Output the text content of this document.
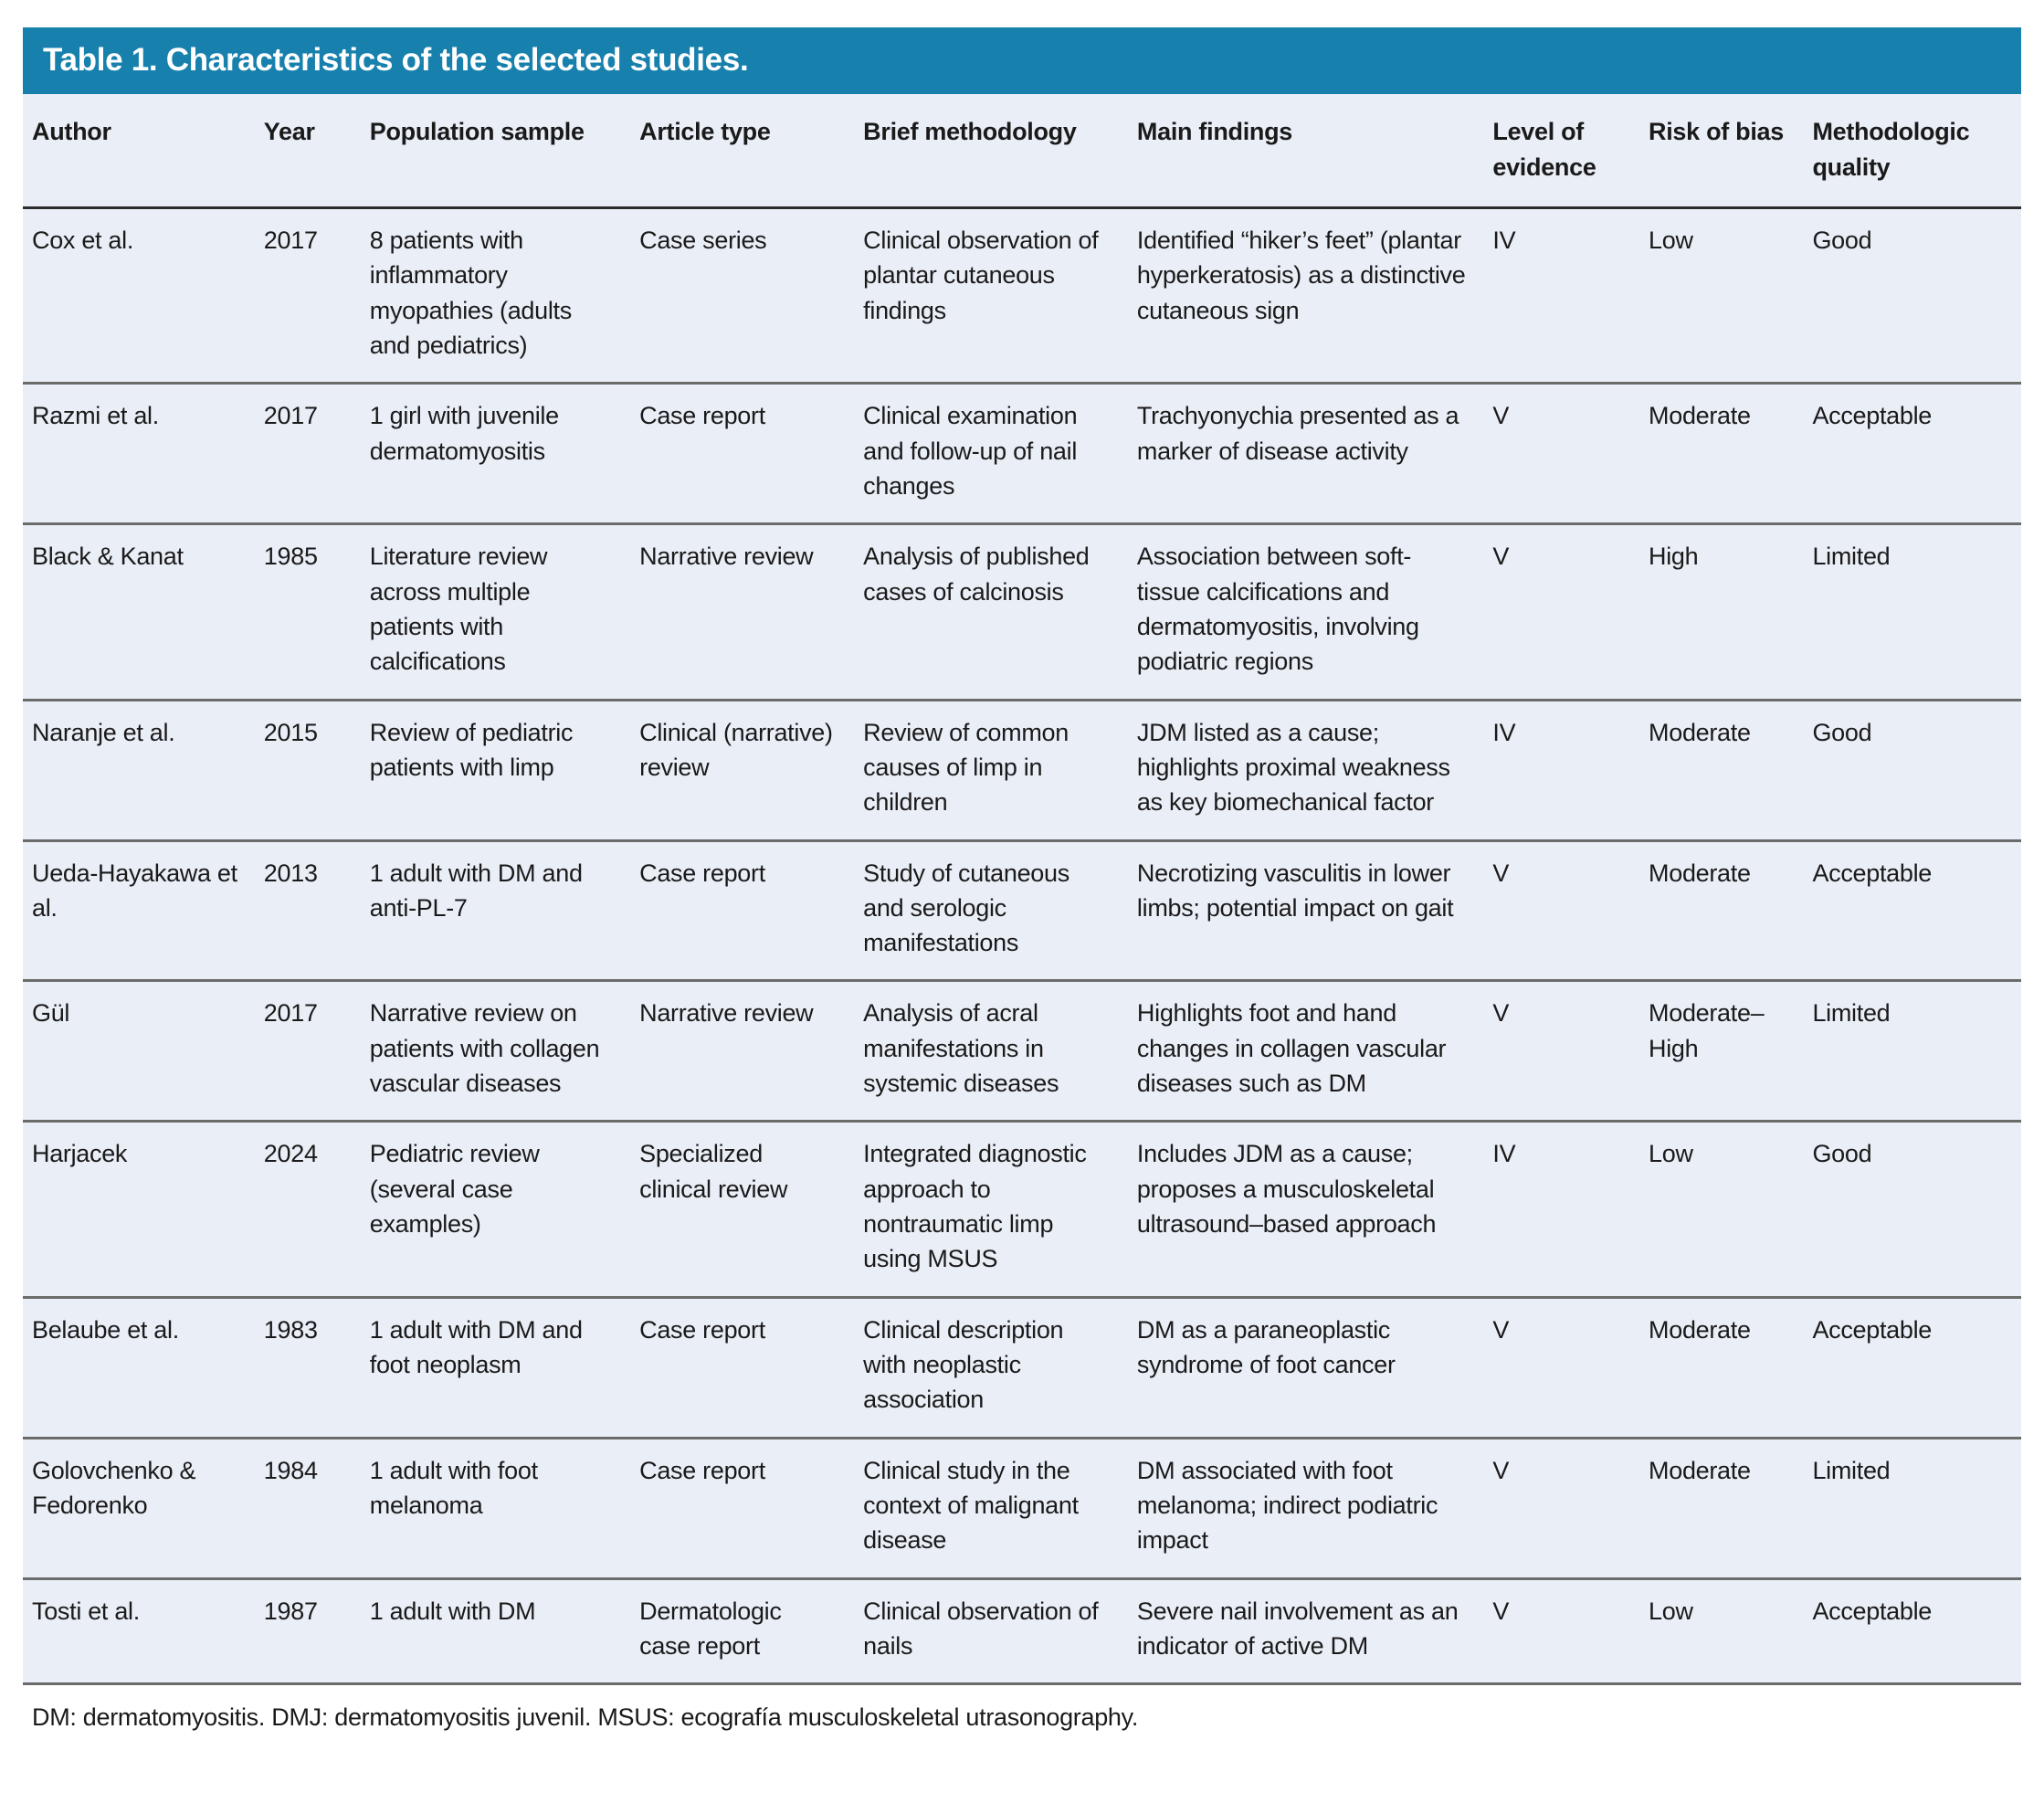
Table 1. Characteristics of the selected studies.
Author	Year	Population sample	Article type	Brief methodology	Main findings	Level of evidence	Risk of bias	Methodologic quality
Cox et al.	2017	8 patients with inflammatory myopathies (adults and pediatrics)	Case series	Clinical observation of plantar cutaneous findings	Identified “hiker’s feet” (plantar hyperkeratosis) as a distinctive cutaneous sign	IV	Low	Good
Razmi et al.	2017	1 girl with juvenile dermatomyositis	Case report	Clinical examination and follow-up of nail changes	Trachyonychia presented as a marker of disease activity	V	Moderate	Acceptable
Black & Kanat	1985	Literature review across multiple patients with calcifications	Narrative review	Analysis of published cases of calcinosis	Association between soft-tissue calcifications and dermatomyositis, involving podiatric regions	V	High	Limited
Naranje et al.	2015	Review of pediatric patients with limp	Clinical (narrative) review	Review of common causes of limp in children	JDM listed as a cause; highlights proximal weakness as key biomechanical factor	IV	Moderate	Good
Ueda-Hayakawa et al.	2013	1 adult with DM and anti-PL-7	Case report	Study of cutaneous and serologic manifestations	Necrotizing vasculitis in lower limbs; potential impact on gait	V	Moderate	Acceptable
Gül	2017	Narrative review on patients with collagen vascular diseases	Narrative review	Analysis of acral manifestations in systemic diseases	Highlights foot and hand changes in collagen vascular diseases such as DM	V	Moderate–High	Limited
Harjacek	2024	Pediatric review (several case examples)	Specialized clinical review	Integrated diagnostic approach to nontraumatic limp using MSUS	Includes JDM as a cause; proposes a musculoskeletal ultrasound–based approach	IV	Low	Good
Belaube et al.	1983	1 adult with DM and foot neoplasm	Case report	Clinical description with neoplastic association	DM as a paraneoplastic syndrome of foot cancer	V	Moderate	Acceptable
Golovchenko & Fedorenko	1984	1 adult with foot melanoma	Case report	Clinical study in the context of malignant disease	DM associated with foot melanoma; indirect podiatric impact	V	Moderate	Limited
Tosti et al.	1987	1 adult with DM	Dermatologic case report	Clinical observation of nails	Severe nail involvement as an indicator of active DM	V	Low	Acceptable
DM: dermatomyositis. DMJ: dermatomyositis juvenil. MSUS: ecografía musculoskeletal utrasonography.
